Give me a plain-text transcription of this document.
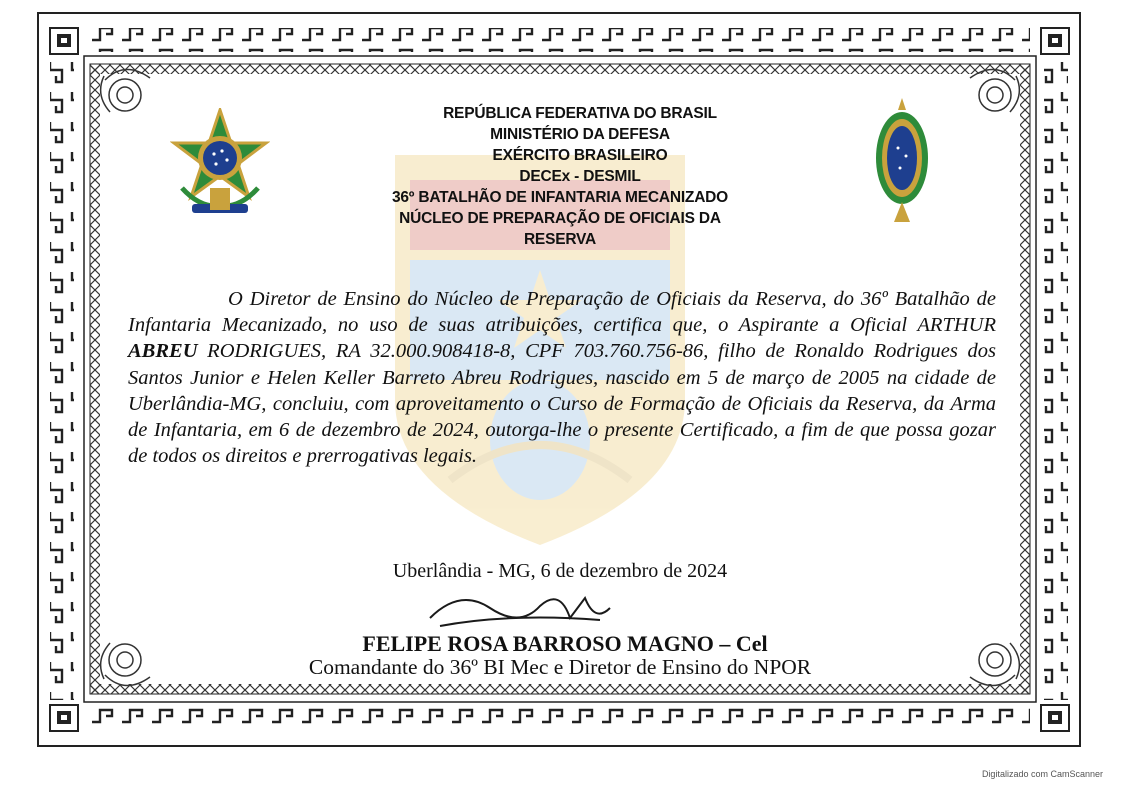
REPÚBLICA FEDERATIVA DO BRASIL
MINISTÉRIO DA DEFESA
EXÉRCITO BRASILEIRO
DECEx - DESMIL
36º BATALHÃO DE INFANTARIA MECANIZADO
NÚCLEO DE PREPARAÇÃO DE OFICIAIS DA
RESERVA

O Diretor de Ensino do Núcleo de Preparação de Oficiais da Reserva, do 36º Batalhão de Infantaria Mecanizado, no uso de suas atribuições, certifica que, o Aspirante a Oficial ARTHUR ABREU RODRIGUES, RA 32.000.908418-8, CPF 703.760.756-86, filho de Ronaldo Rodrigues dos Santos Junior e Helen Keller Barreto Abreu Rodrigues, nascido em 5 de março de 2005 na cidade de Uberlândia-MG, concluiu, com aproveitamento o Curso de Formação de Oficiais da Reserva, da Arma de Infantaria, em 6 de dezembro de 2024, outorga-lhe o presente Certificado, a fim de que possa gozar de todos os direitos e prerrogativas legais.

Uberlândia - MG, 6 de dezembro de 2024
FELIPE ROSA BARROSO MAGNO – Cel
Comandante do 36º BI Mec e Diretor de Ensino do NPOR
Digitalizado com CamScanner
